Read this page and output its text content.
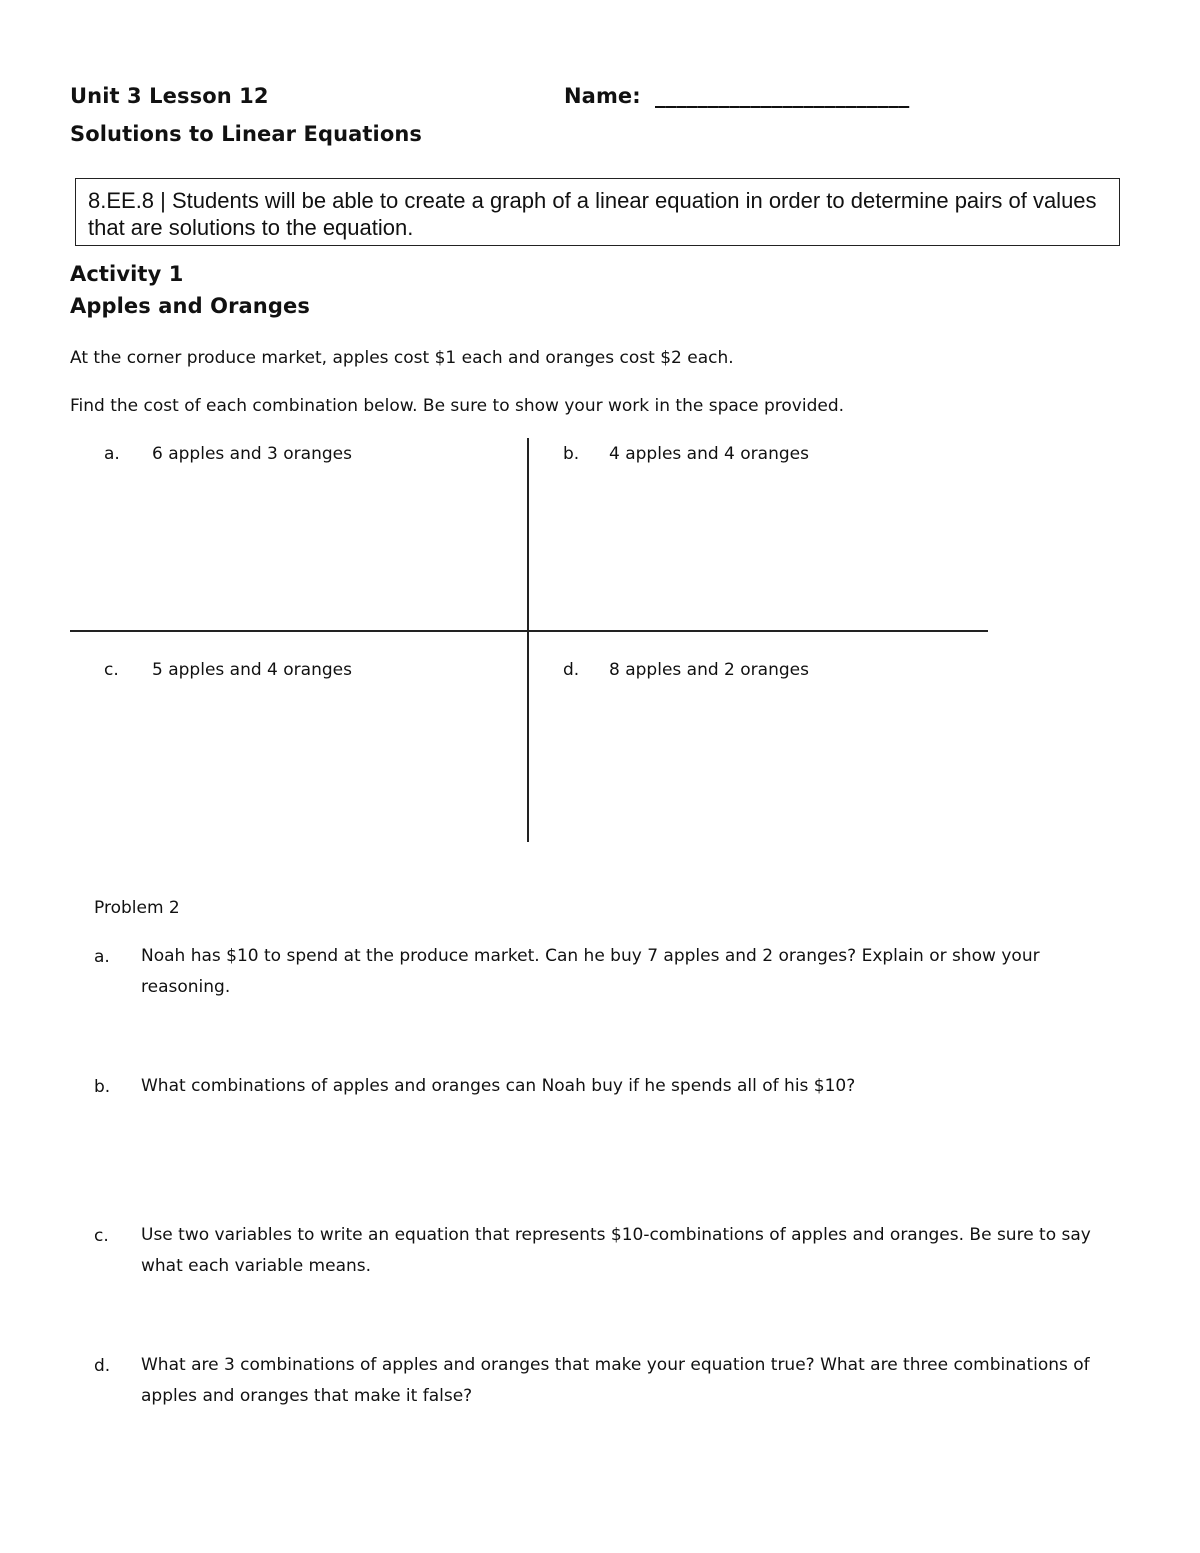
Unit 3 Lesson 12	Name: ________________________
Solutions to Linear Equations
8.EE.8 | Students will be able to create a graph of a linear equation in order to determine pairs of values that are solutions to the equation.
Activity 1
Apples and Oranges
At the corner produce market, apples cost $1 each and oranges cost $2 each.
Find the cost of each combination below. Be sure to show your work in the space provided.
a. 6 apples and 3 oranges	b. 4 apples and 4 oranges
c. 5 apples and 4 oranges	d. 8 apples and 2 oranges
Problem 2
a. Noah has $10 to spend at the produce market. Can he buy 7 apples and 2 oranges? Explain or show your reasoning.
b. What combinations of apples and oranges can Noah buy if he spends all of his $10?
c. Use two variables to write an equation that represents $10-combinations of apples and oranges. Be sure to say what each variable means.
d. What are 3 combinations of apples and oranges that make your equation true? What are three combinations of apples and oranges that make it false?
